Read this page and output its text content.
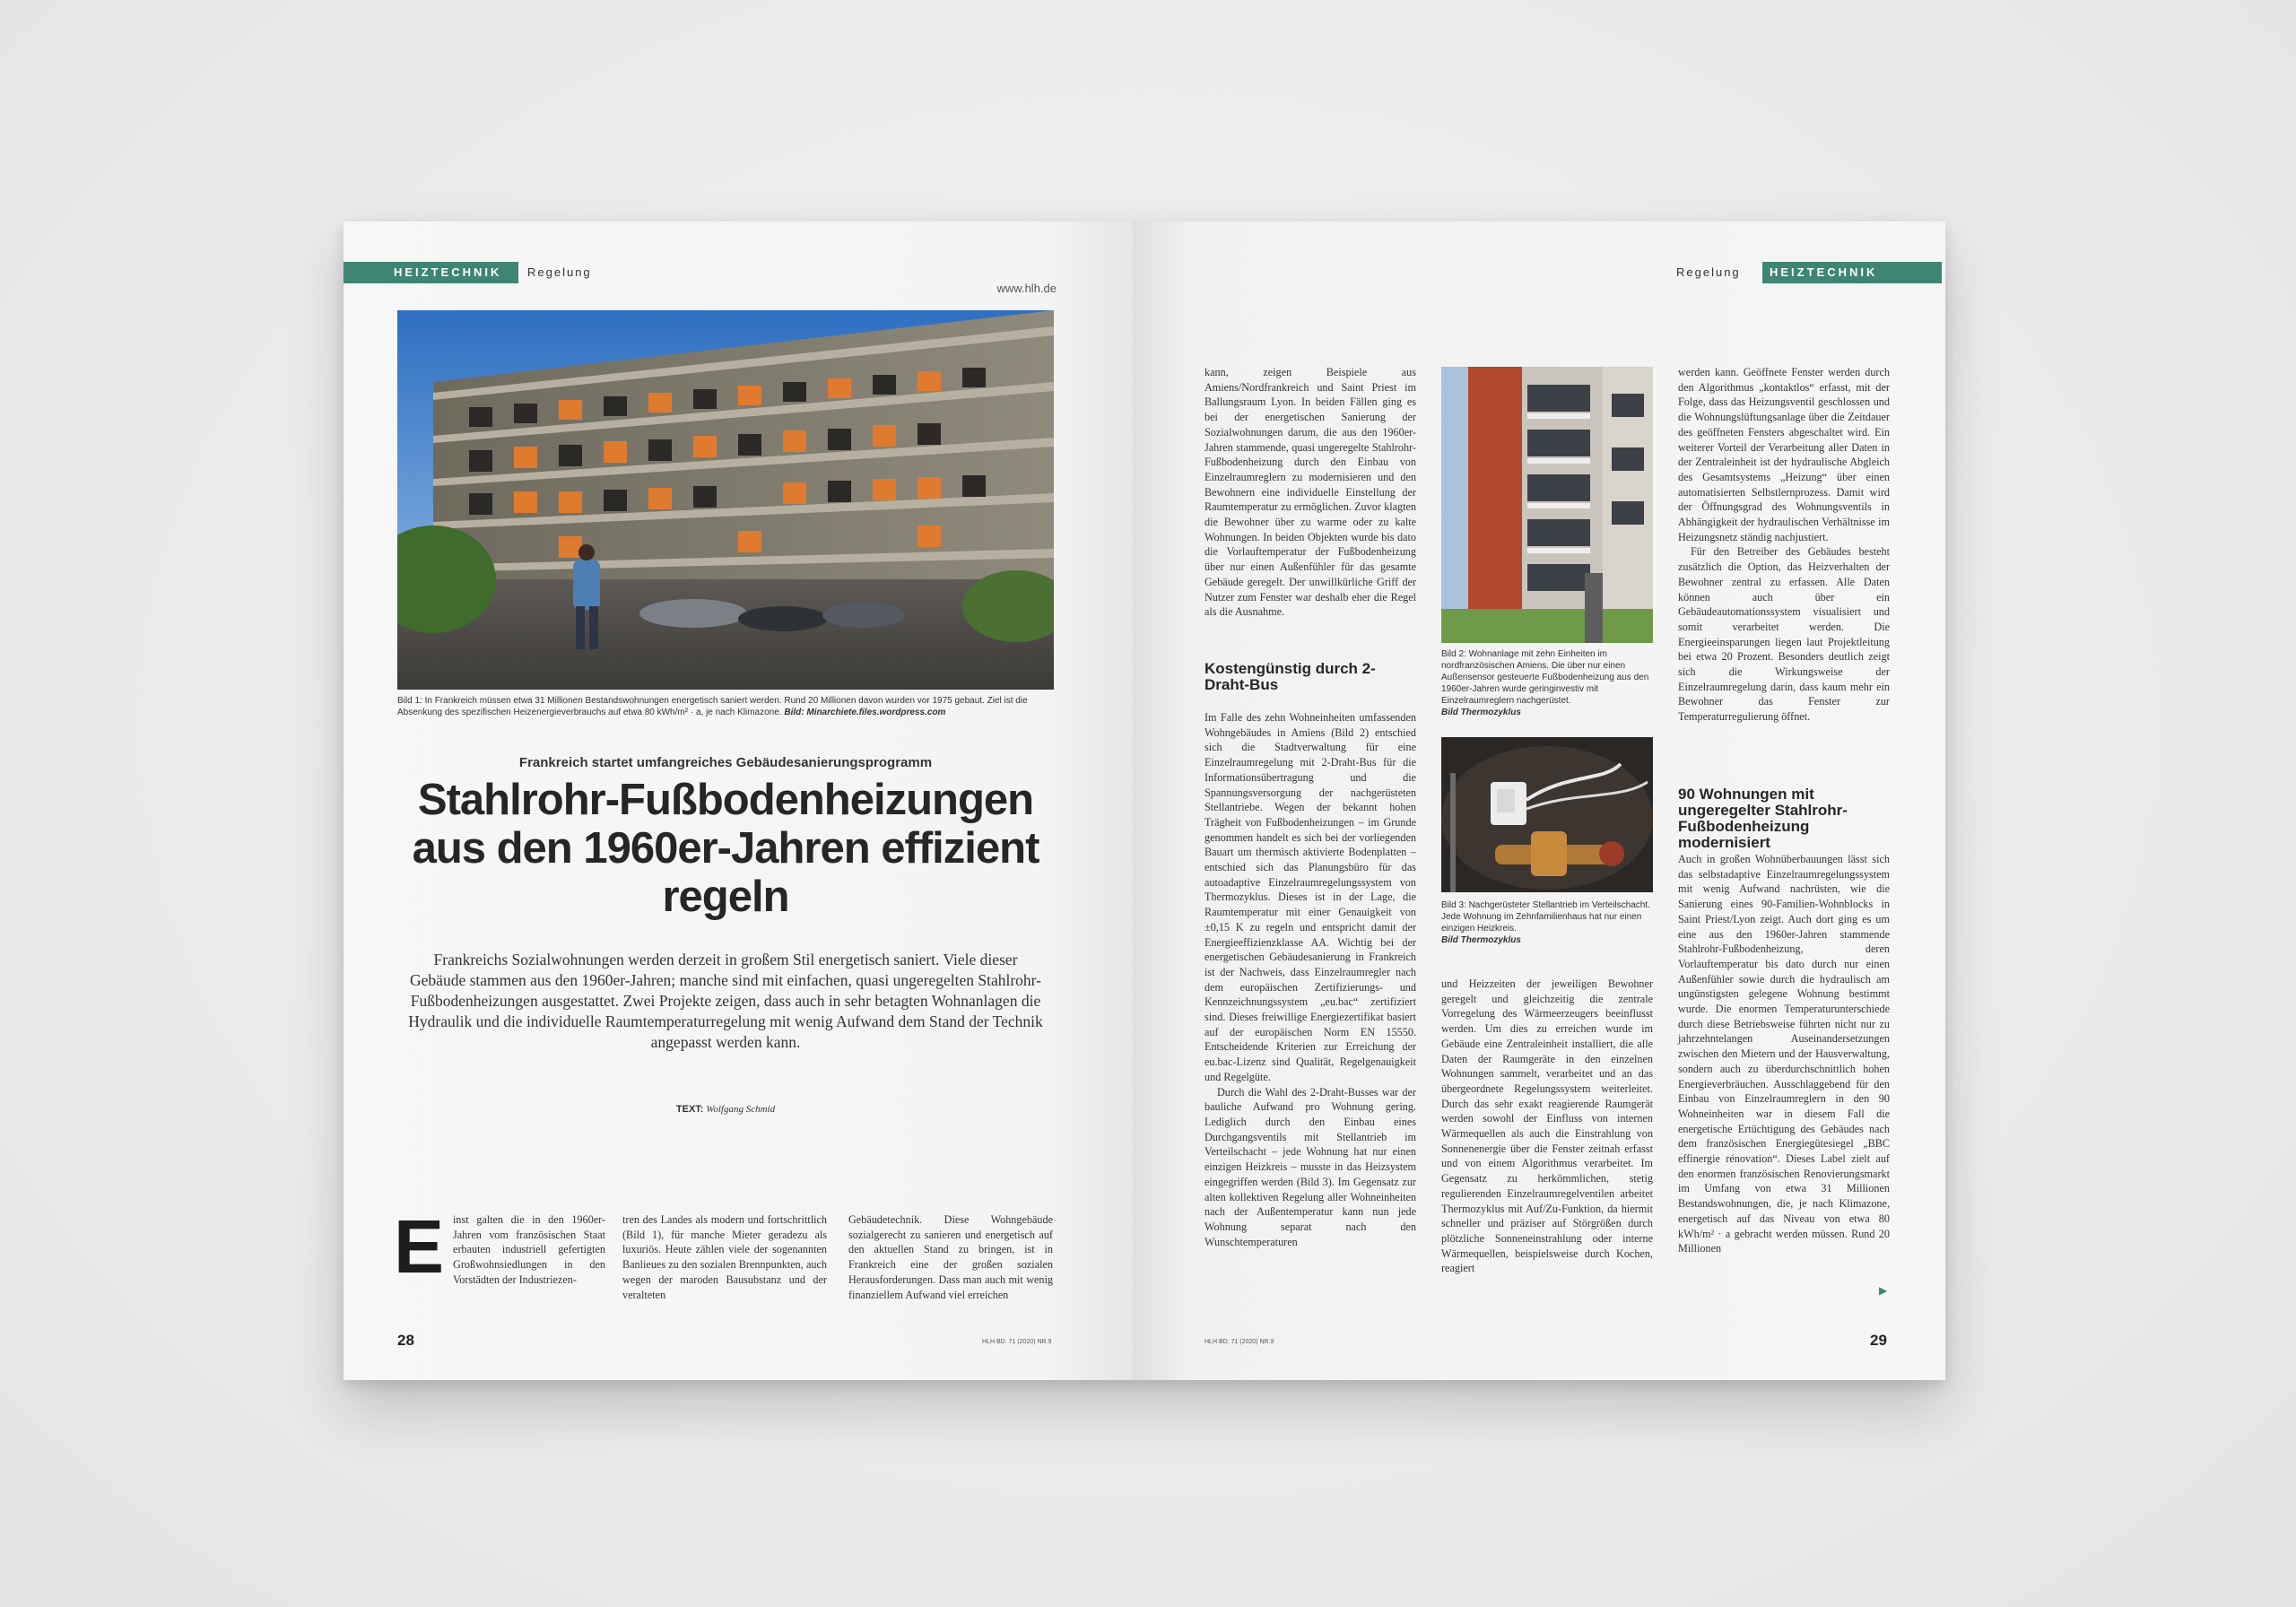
HEIZTECHNIK	Regelung
www.hlh.de
Bild 1: In Frankreich müssen etwa 31 Millionen Bestandswohnungen energetisch saniert werden. Rund 20 Millionen davon wurden vor 1975 gebaut. Ziel ist die Absenkung des spezifischen Heizenergieverbrauchs auf etwa 80 kWh/m² · a, je nach Klimazone. Bild: Minarchiete.files.wordpress.com
Frankreich startet umfangreiches Gebäudesanierungsprogramm
Stahlrohr-Fußbodenheizungen aus den 1960er-Jahren effizient regeln
Frankreichs Sozialwohnungen werden derzeit in großem Stil energetisch saniert. Viele dieser Gebäude stammen aus den 1960er-Jahren; manche sind mit einfachen, quasi ungeregelten Stahlrohr-Fußbodenheizungen ausgestattet. Zwei Projekte zeigen, dass auch in sehr betagten Wohnanlagen die Hydraulik und die individuelle Raumtemperaturregelung mit wenig Aufwand dem Stand der Technik angepasst werden kann.
TEXT: Wolfgang Schmid
E inst galten die in den 1960er-Jahren vom französischen Staat erbauten industriell gefertigten Großwohnsiedlungen in den Vorstädten der Industriezen-
tren des Landes als modern und fortschrittlich (Bild 1), für manche Mieter geradezu als luxuriös. Heute zählen viele der sogenannten Banlieues zu den sozialen Brennpunkten, auch wegen der maroden Bausubstanz und der veralteten
Gebäudetechnik. Diese Wohngebäude sozialgerecht zu sanieren und energetisch auf den aktuellen Stand zu bringen, ist in Frankreich eine der großen sozialen Herausforderungen. Dass man auch mit wenig finanziellem Aufwand viel erreichen
28	HLH BD. 71 (2020) NR.9
Regelung	HEIZTECHNIK

kann, zeigen Beispiele aus Amiens/Nordfrankreich und Saint Priest im Ballungsraum Lyon. In beiden Fällen ging es bei der energetischen Sanierung der Sozialwohnungen darum, die aus den 1960er-Jahren stammende, quasi ungeregelte Stahlrohr-Fußbodenheizung durch den Einbau von Einzelraumreglern zu modernisieren und den Bewohnern eine individuelle Einstellung der Raumtemperatur zu ermöglichen. Zuvor klagten die Bewohner über zu warme oder zu kalte Wohnungen. In beiden Objekten wurde bis dato die Vorlauftemperatur der Fußbodenheizung über nur einen Außenfühler für das gesamte Gebäude geregelt. Der unwillkürliche Griff der Nutzer zum Fenster war deshalb eher die Regel als die Ausnahme.

Kostengünstig durch 2-Draht-Bus

Im Falle des zehn Wohneinheiten umfassenden Wohngebäudes in Amiens (Bild 2) entschied sich die Stadtverwaltung für eine Einzelraumregelung mit 2-Draht-Bus für die Informationsübertragung und die Spannungsversorgung der nachgerüsteten Stellantriebe. Wegen der bekannt hohen Trägheit von Fußbodenheizungen – im Grunde genommen handelt es sich bei der vorliegenden Bauart um thermisch aktivierte Bodenplatten – entschied sich das Planungsbüro für das autoadaptive Einzelraumregelungssystem von Thermozyklus. Dieses ist in der Lage, die Raumtemperatur mit einer Genauigkeit von ±0,15 K zu regeln und entspricht damit der Energieeffizienzklasse AA. Wichtig bei der energetischen Gebäudesanierung in Frankreich ist der Nachweis, dass Einzelraumregler nach dem europäischen Zertifizierungs- und Kennzeichnungssystem „eu.bac“ zertifiziert sind. Dieses freiwillige Energiezertifikat basiert auf der europäischen Norm EN 15550. Entscheidende Kriterien zur Erreichung der eu.bac-Lizenz sind Qualität, Regelgenauigkeit und Regelgüte.

Durch die Wahl des 2-Draht-Busses war der bauliche Aufwand pro Wohnung gering. Lediglich durch den Einbau eines Durchgangsventils mit Stellantrieb im Verteilschacht – jede Wohnung hat nur einen einzigen Heizkreis – musste in das Heizsystem eingegriffen werden (Bild 3). Im Gegensatz zur alten kollektiven Regelung aller Wohneinheiten nach der Außentemperatur kann nun jede Wohnung separat nach den Wunschtemperaturen

Bild 2: Wohnanlage mit zehn Einheiten im nordfranzösischen Amiens. Die über nur einen Außensensor gesteuerte Fußbodenheizung aus den 1960er-Jahren wurde geringinvestiv mit Einzelraumreglern nachgerüstet.
Bild Thermozyklus
Bild 3: Nachgerüsteter Stellantrieb im Verteilschacht. Jede Wohnung im Zehnfamilienhaus hat nur einen einzigen Heizkreis.
Bild Thermozyklus
und Heizzeiten der jeweiligen Bewohner geregelt und gleichzeitig die zentrale Vorregelung des Wärmeerzeugers beeinflusst werden. Um dies zu erreichen wurde im Gebäude eine Zentraleinheit installiert, die alle Daten der Raumgeräte in den einzelnen Wohnungen sammelt, verarbeitet und an das übergeordnete Regelungssystem weiterleitet. Durch das sehr exakt reagierende Raumgerät werden sowohl der Einfluss von internen Wärmequellen als auch die Einstrahlung von Sonnenenergie über die Fenster zeitnah erfasst und von einem Algorithmus verarbeitet. Im Gegensatz zu herkömmlichen, stetig regulierenden Einzelraumregelventilen arbeitet Thermozyklus mit Auf/Zu-Funktion, da hiermit schneller und präziser auf Störgrößen durch plötzliche Sonneneinstrahlung oder interne Wärmequellen, beispielsweise durch Kochen, reagiert

werden kann. Geöffnete Fenster werden durch den Algorithmus „kontaktlos“ erfasst, mit der Folge, dass das Heizungsventil geschlossen und die Wohnungslüftungsanlage über die Zeitdauer des geöffneten Fensters abgeschaltet wird. Ein weiterer Vorteil der Verarbeitung aller Daten in der Zentraleinheit ist der hydraulische Abgleich des Gesamtsystems „Heizung“ über einen automatisierten Selbstlernprozess. Damit wird der Öffnungsgrad des Wohnungsventils in Abhängigkeit der hydraulischen Verhältnisse im Heizungsnetz ständig nachjustiert.

Für den Betreiber des Gebäudes besteht zusätzlich die Option, das Heizverhalten der Bewohner zentral zu erfassen. Alle Daten können auch über ein Gebäudeautomationssystem visualisiert und somit verarbeitet werden. Die Energieeinsparungen liegen laut Projektleitung bei etwa 20 Prozent. Besonders deutlich zeigt sich die Wirkungsweise der Einzelraumregelung darin, dass kaum mehr ein Bewohner das Fenster zur Temperaturregulierung öffnet.

90 Wohnungen mit ungeregelter Stahlrohr-Fußbodenheizung modernisiert

Auch in großen Wohnüberbauungen lässt sich das selbstadaptive Einzelraumregelungssystem mit wenig Aufwand nachrüsten, wie die Sanierung eines 90-Familien-Wohnblocks in Saint Priest/Lyon zeigt. Auch dort ging es um eine aus den 1960er-Jahren stammende Stahlrohr-Fußbodenheizung, deren Vorlauftemperatur bis dato durch nur einen Außenfühler sowie durch die hydraulisch am ungünstigsten gelegene Wohnung bestimmt wurde. Die enormen Temperaturunterschiede durch diese Betriebsweise führten nicht nur zu jahrzehntelangen Auseinandersetzungen zwischen den Mietern und der Hausverwaltung, sondern auch zu überdurchschnittlich hohen Energieverbräuchen. Ausschlaggebend für den Einbau von Einzelraumreglern in den 90 Wohneinheiten war in diesem Fall die energetische Ertüchtigung des Gebäudes nach dem französischen Energiegütesiegel „BBC effinergie rénovation“. Dieses Label zielt auf den enormen französischen Renovierungsmarkt im Umfang von etwa 31 Millionen Bestandswohnungen, die, je nach Klimazone, energetisch auf das Niveau von etwa 80 kWh/m² · a gebracht werden müssen. Rund 20 Millionen

▶
HLH BD. 71 (2020) NR.9	29
